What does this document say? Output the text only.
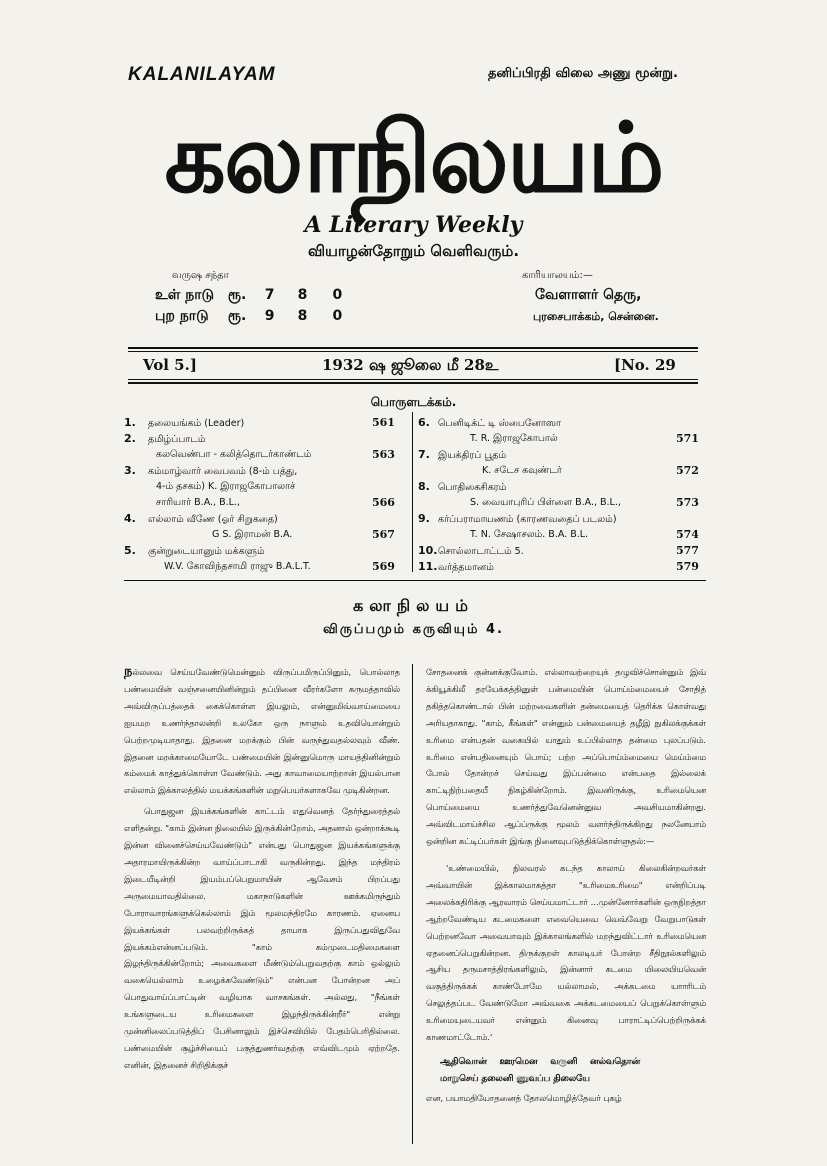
KALANILAYAM	தனிப்பிரதி விலை அணு மூன்று.
கலாநிலயம்
A Literary Weekly
வியாழன்தோறும் வெளிவரும்.
வருஷ சந்தா
உள் நாடு ரூ. 7 8 0
புற நாடு ரூ. 9 8 0
காரியாலயம்:—
வேளாளர் தெரு,
புரசைபாக்கம், சென்னை.
Vol 5.]	1932 ஷ ஜூலை மீ 28உ	[No. 29
பொருளடக்கம்.
1. தலையங்கம் (Leader)	561
2. தமிழ்ப்பாடம்
கலவெண்பா - கலித்தொடர்காண்டம்	563
3. கம்மாழ்வார் வைபவம் (8-ம் பத்து,
4-ம் தசகம்) K. இராஜகோபாலாச்
சாரியார் B.A., B.L.,	566
4. எல்லாம் வீணே (ஓர் சிறுகதை)
G S. இராமன் B.A.	567
5. குன்றுடையானும் மக்களும்
W.V. கோவிந்தசாமி ராஜு B.A.L.T.	569
6. பெனிடிக்ட் டி ஸ்பைனோஸா
T. R. இராஜகோபால்	571
7. இயக்திரப் பூதம்
K. சடேச கவுண்டர்	572
8. பொதிகைசிகரம்
S. வையாபுரிப் பிள்ளை B.A., B.L.,	573
9. கர்ப்பராமாயணம் (காரணவதைப் படலம்)
T. N. சேஷாசலம். B.A. B.L.	574
10.சொல்லாடாட்டம் 5.	577
11.வர்த்தமானம்	579
கலாநிலயம்
விருப்பமும் கருவியும் 4.

நல்லவை செய்யவேண்டுமென்னும் விருப்பமிருப்பினும், பொல்லாத பண்மையின் வஞ்சனையினின்றும் தப்பினை வீரர்களோ கருமத்தாவில் அவ்விருப்பத்தைக் கைக்கொள்ள இயலும், என்னுமிவ்வாய்மையை ஐயமற உணர்ந்தாலன்றி உலகோ ஒரு நாளும் உதவியொன்றும் பெற்றமுடியாதாது. இதனை மறக்கும் பின் வருந்துவதல்லவும் வீண். இதனை மறக்காமையோடே பண்மையின் இன்னுமொரு மாயத்தினின்றும் கம்மைக் காத்துக்கொள்ள வேண்டும். அது காவாமையாற்றான் இயல்பான எல்லாம் இக்காலத்தில் மயக்கங்களின் மறுபெயர்களாகவே முடிகின்றன.

பொதுஜன இயக்கங்களின் காட்டம் எதுவெனத் தேர்ந்துரைத்தல் எளிதன்று. "காம் இன்ன நிலையில் இருக்கின்றோம், அதனால் ஒன்றாக்கூடி இன்ன வினைச்செய்யவேண்டும்" என்பது பொதுஜன இயக்கங்களுக்கு அதாரமாயிருக்கின்ற வாய்ப்பாடாகி வருகின்றது. இந்த மந்திரம் இடையீடின்றி இயம்பப்பெறுமாயின் ஆவேசம் பிறப்பது அருமையாவதில்லை. மகாநாடுகளின் ஊக்கமிருந்தும் போராவாரங்களுக்கெல்லாம் இம் மூலமந்திரமே காரணம். ஏனைய இயக்கங்கள் பலவற்றிருக்கத் தாயாக இருப்பதுவிதுவே இயக்கம்என்னப்படும். "காம் கம்முடைமதிமைகளை இழந்திருக்கின்றோம்; அவைகளை மீண்டும்பெறுவதற்கு காம் ஒல்லும் வகையெல்லாம் உழைக்கவேண்டும்" என்பன போன்றன அப் பொதுவாய்ப்பாட்டின் வழியாக வாசகங்கள். அல்லது, "நீங்கள் உங்களுடைய உரிமைகளை இழந்திருக்கின்றீர்" என்று முன்னிலைப்படுத்திப் பேசினாலும் இச்செவியில் பேதம்பெரிதில்லை. பண்மையின் சூழ்ச்சியைப் பகுத்துணர்வதற்கு எவ்விடமும் ஏற்றதே. எனின், இதனைச் சிறிதிக்குச்

சோதனைக் குன்னக்குவோம். எல்லாவற்றையுக் தழுவிச்சொன்னும் இவ் க்கியூக்கிலீ தரயேக்கத்தினுள் பன்மையின் பொய்ம்மையைச் சோதித் தகித்தகொண்டால் பின் மற்றவைகளின் தன்மையைத் தெரிக்க கொள்வது அரியதாகாது. "காம், கீங்கள்" என்னும் பன்மையைத் தழீஇ நுகிலக்குக்கள் உரிமை என்பதன் வகையில் யாதும் உப்பில்லாத தன்மை புலப்படும். உரிமை என்பதினையும் பொய்; பற்ற அப்பொய்ம்மையை மெய்ம்மை போல் தோன்றச் செய்வது இப்பன்மை என்பதை இல்லைக் காட்டிநிற்பதையீ நிகழ்கின்றோம். இவனிருக்கு, உரிமையென பொய்மையை உணர்த்துவேனென்னுவ அவசியமாகின்றது. அவ்விடமாய்ச்சில ஆப்ப்ருக்கு மூலம் வளர்ந்திருக்கிறது நலனேயாம் ஒன்றின கட்டிப்பர்கள் இங்கு நினைவுபடுத்திக்கொள்ளுதல்:—

'உண்மையில், நிலவரல் கடந்த காலாய் கிலைகின்றவர்கள் அவ்வாயின் இக்காலமாகத்தா "உரிமைஉரிமை" என்றிப்படி அலைக்கதிரிக்கு ஆரவாரம் செய்யமாட்டார் ...முன்னோர்களின் ஒருநிறத்தா ஆற்றவேண்டிய கடமைகளை எவையெவை வெவ்வேறு வேறுபாடுகள் பெற்றனவோ அவையாவும் இக்காலங்களில் மறந்துவிட்டார் உரிமையென ஏதனைப்பெறுகின்றன. திருக்குறள் காலடியர் போன்ற சீதிநூல்களிலும் ஆசிய தருமசாத்திரங்களிலும், இன்னார் கடமை யிலையியவென் வகுத்திருக்கக் காண்போமே யல்லாமல், அக்கடமை யாாரிடம் செலுத்தப்பட வேண்டுமோ அவ்வகை அக்கடமையைப் பெறுக்கொள்ளும் உரிமையுடையவர் என்னும் கினைவு பாராட்டிப்பெற்றிருக்கக் காணமாட்டோம்.'

ஆதிவொன் ஊரமென வருனி னல்வதொன் மாறுசெய் தலைனி ணுவப்ப திலையே

என, பயாமதியோதனைத் தோலமொழித்தேவர் புகழ்
